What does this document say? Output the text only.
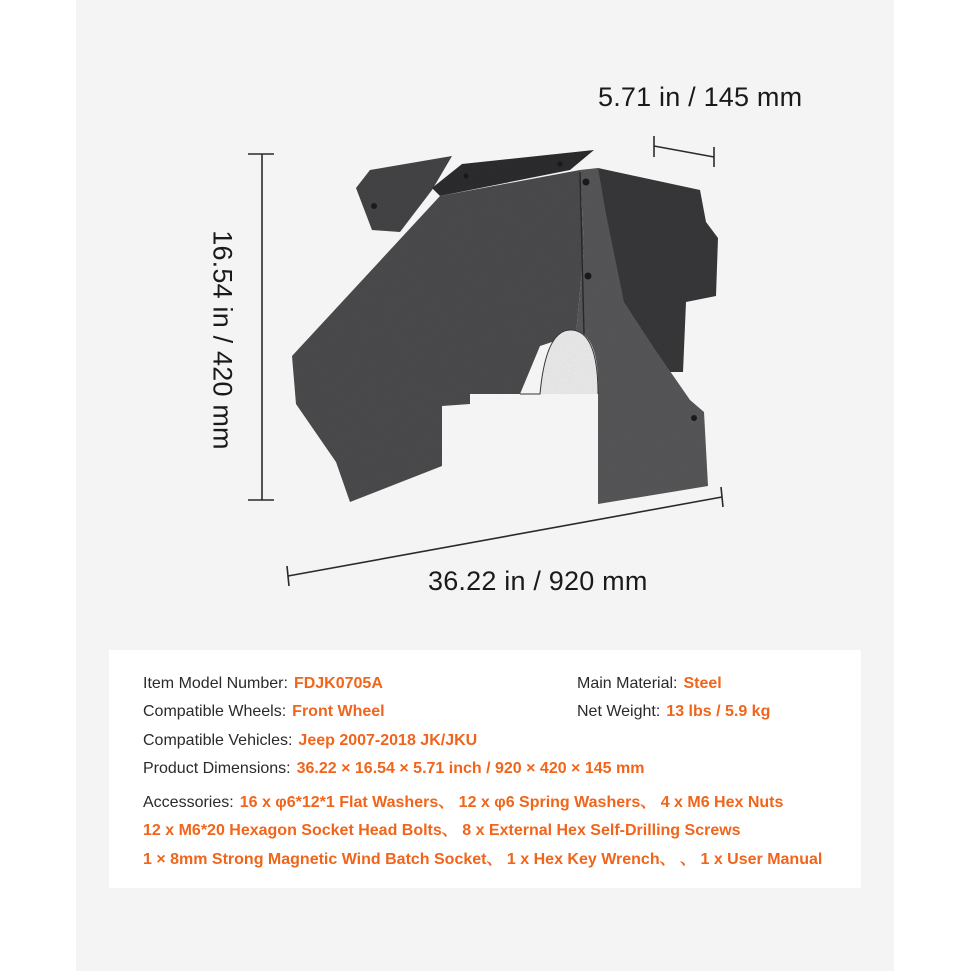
5.71 in / 145 mm
16.54 in / 420 mm
36.22 in / 920 mm
Item Model Number: FDJK0705A	Main Material: Steel
Compatible Wheels: Front Wheel	Net Weight: 13 lbs / 5.9 kg
Compatible Vehicles: Jeep 2007-2018 JK/JKU
Product Dimensions: 36.22 × 16.54 × 5.71 inch / 920 × 420 × 145 mm
Accessories: 16 x φ6*12*1 Flat Washers、 12 x φ6 Spring Washers、 4 x M6 Hex Nuts
12 x M6*20 Hexagon Socket Head Bolts、 8 x External Hex Self-Drilling Screws
1 × 8mm Strong Magnetic Wind Batch Socket、 1 x Hex Key Wrench、 、 1 x User Manual
